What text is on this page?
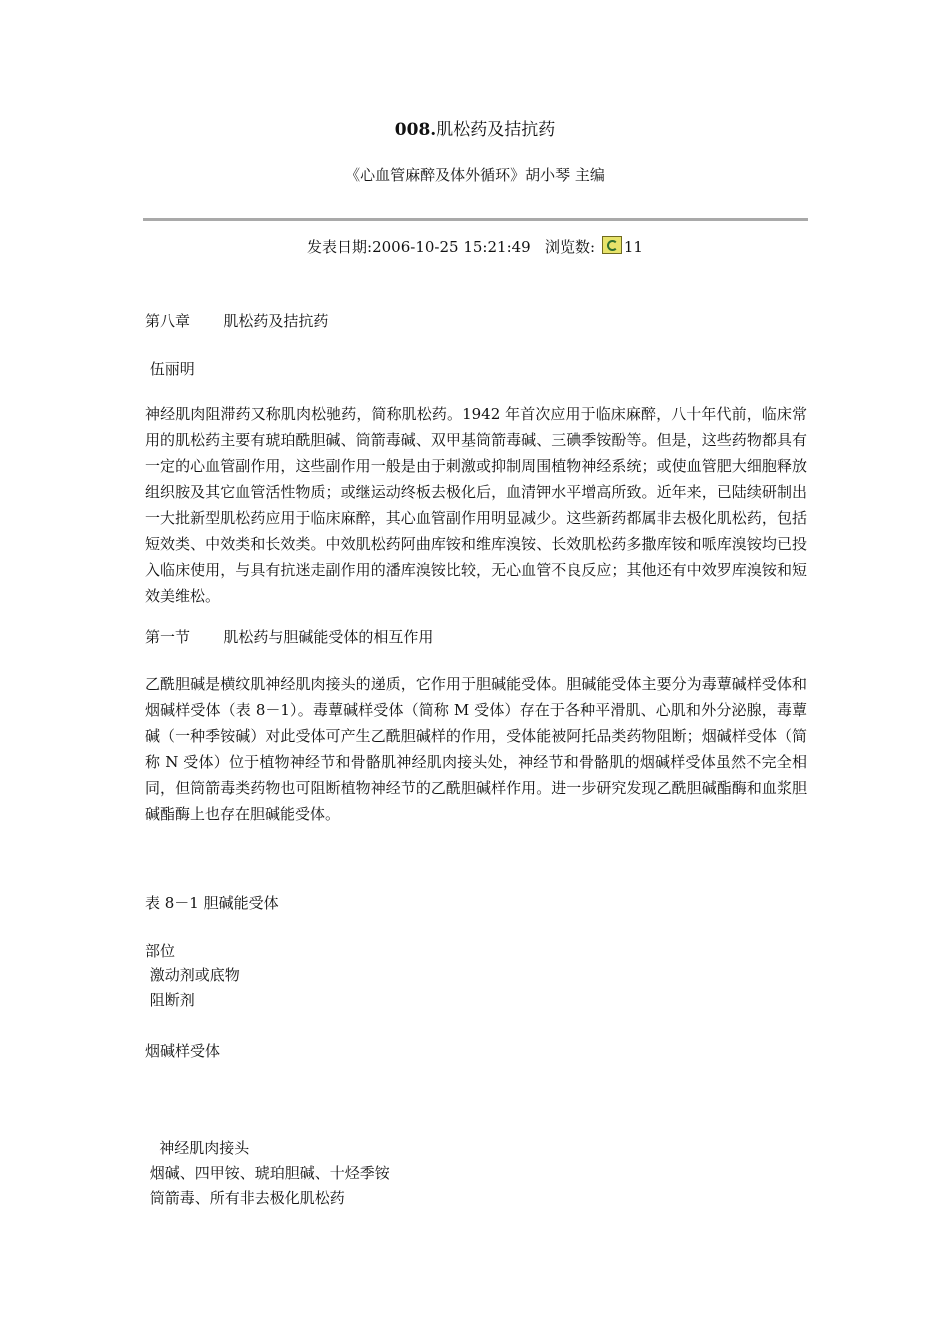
008.肌松药及拮抗药
《心血管麻醉及体外循环》胡小琴 主编
发表日期:2006-10-25 15:21:49 浏览数: 11
第八章       肌松药及拮抗药
伍丽明
神经肌肉阻滞药又称肌肉松驰药，简称肌松药。1942 年首次应用于临床麻醉，八十年代前，临床常用的肌松药主要有琥珀酰胆碱、筒箭毒碱、双甲基筒箭毒碱、三碘季铵酚等。但是，这些药物都具有一定的心血管副作用，这些副作用一般是由于刺激或抑制周围植物神经系统；或使血管肥大细胞释放组织胺及其它血管活性物质；或继运动终板去极化后，血清钾水平增高所致。近年来，已陆续研制出一大批新型肌松药应用于临床麻醉，其心血管副作用明显减少。这些新药都属非去极化肌松药，包括短效类、中效类和长效类。中效肌松药阿曲库铵和维库溴铵、长效肌松药多撒库铵和哌库溴铵均已投入临床使用，与具有抗迷走副作用的潘库溴铵比较，无心血管不良反应；其他还有中效罗库溴铵和短效美维松。
第一节       肌松药与胆碱能受体的相互作用
乙酰胆碱是横纹肌神经肌肉接头的递质，它作用于胆碱能受体。胆碱能受体主要分为毒蕈碱样受体和烟碱样受体（表 8－1）。毒蕈碱样受体（简称 M 受体）存在于各种平滑肌、心肌和外分泌腺，毒蕈碱（一种季铵碱）对此受体可产生乙酰胆碱样的作用，受体能被阿托品类药物阻断；烟碱样受体（简称 N 受体）位于植物神经节和骨骼肌神经肌肉接头处，神经节和骨骼肌的烟碱样受体虽然不完全相同，但筒箭毒类药物也可阻断植物神经节的乙酰胆碱样作用。进一步研究发现乙酰胆碱酯酶和血浆胆碱酯酶上也存在胆碱能受体。
表 8－1 胆碱能受体
部位
激动剂或底物
阻断剂
烟碱样受体
神经肌肉接头
烟碱、四甲铵、琥珀胆碱、十烃季铵
筒箭毒、所有非去极化肌松药
